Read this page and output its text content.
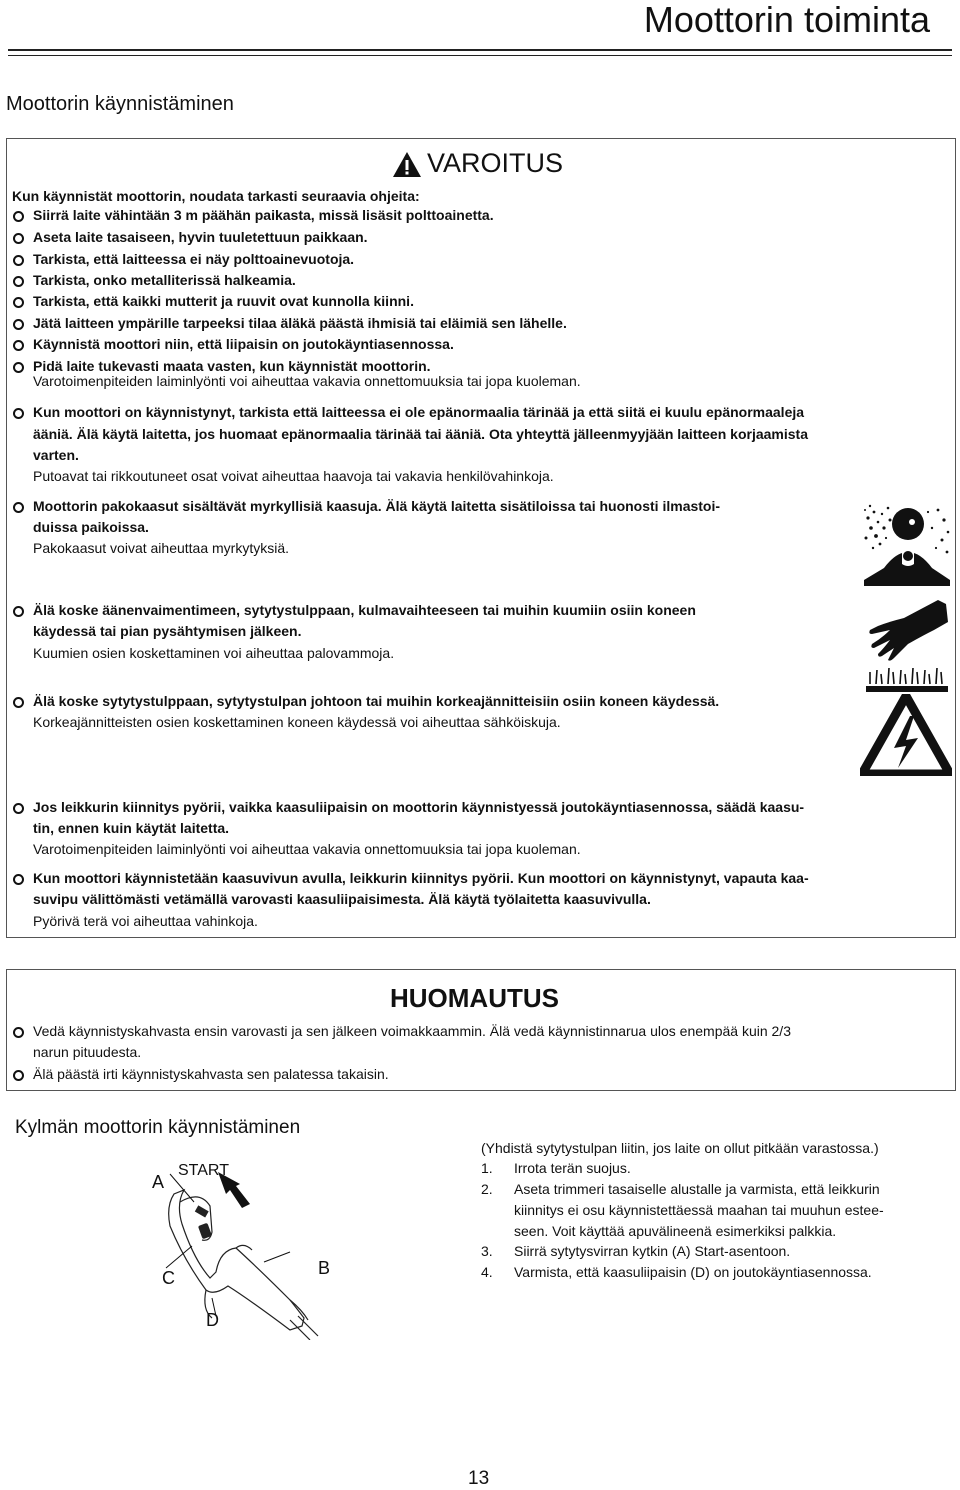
Moottorin toiminta
Moottorin käynnistäminen
VAROITUS
Kun käynnistät moottorin, noudata tarkasti seuraavia ohjeita:
Siirrä laite vähintään 3 m päähän paikasta, missä lisäsit polttoainetta.
Aseta laite tasaiseen, hyvin tuuletettuun paikkaan.
Tarkista, että laitteessa ei näy polttoainevuotoja.
Tarkista, onko metalliterissä halkeamia.
Tarkista, että kaikki mutterit ja ruuvit ovat kunnolla kiinni.
Jätä laitteen ympärille tarpeeksi tilaa äläkä päästä ihmisiä tai eläimiä sen lähelle.
Käynnistä moottori niin, että liipaisin on joutokäyntiasennossa.
Pidä laite tukevasti maata vasten, kun käynnistät moottorin.
Varotoimenpiteiden laiminlyönti voi aiheuttaa vakavia onnettomuuksia tai jopa kuoleman.
Kun moottori on käynnistynyt, tarkista että laitteessa ei ole epänormaalia tärinää ja että siitä ei kuulu epänormaaleja
ääniä. Älä käytä laitetta, jos huomaat epänormaalia tärinää tai ääniä. Ota yhteyttä jälleenmyyjään laitteen korjaamista
varten.
Putoavat tai rikkoutuneet osat voivat aiheuttaa haavoja tai vakavia henkilövahinkoja.
Moottorin pakokaasut sisältävät myrkyllisiä kaasuja. Älä käytä laitetta sisätiloissa tai huonosti ilmastoi-
duissa paikoissa.
Pakokaasut voivat aiheuttaa myrkytyksiä.
Älä koske äänenvaimentimeen, sytytystulppaan, kulmavaihteeseen tai muihin kuumiin osiin koneen
käydessä tai pian pysähtymisen jälkeen.
Kuumien osien koskettaminen voi aiheuttaa palovammoja.
Älä koske sytytystulppaan, sytytystulpan johtoon tai muihin korkeajännitteisiin osiin koneen käydessä.
Korkeajännitteisten osien koskettaminen koneen käydessä voi aiheuttaa sähköiskuja.
Jos leikkurin kiinnitys pyörii, vaikka kaasuliipaisin on moottorin käynnistyessä joutokäyntiasennossa, säädä kaasu-
tin, ennen kuin käytät laitetta.
Varotoimenpiteiden laiminlyönti voi aiheuttaa vakavia onnettomuuksia tai jopa kuoleman.
Kun moottori käynnistetään kaasuvivun avulla, leikkurin kiinnitys pyörii. Kun moottori on käynnistynyt, vapauta kaa-
suvipu välittömästi vetämällä varovasti kaasuliipaisimesta. Älä käytä työlaitetta kaasuvivulla.
Pyörivä terä voi aiheuttaa vahinkoja.
HUOMAUTUS
Vedä käynnistyskahvasta ensin varovasti ja sen jälkeen voimakkaammin. Älä vedä käynnistinnarua ulos enempää kuin 2/3
narun pituudesta.
Älä päästä irti käynnistyskahvasta sen palatessa takaisin.
Kylmän moottorin käynnistäminen
START
A
B
C
D
(Yhdistä sytytystulpan liitin, jos laite on ollut pitkään varastossa.)
1. Irrota terän suojus.
2. Aseta trimmeri tasaiselle alustalle ja varmista, että leikkurin
kiinnitys ei osu käynnistettäessä maahan tai muuhun estee-
seen. Voit käyttää apuvälineenä esimerkiksi palkkia.
3. Siirrä sytytysvirran kytkin (A) Start-asentoon.
4. Varmista, että kaasuliipaisin (D) on joutokäyntiasennossa.
13
